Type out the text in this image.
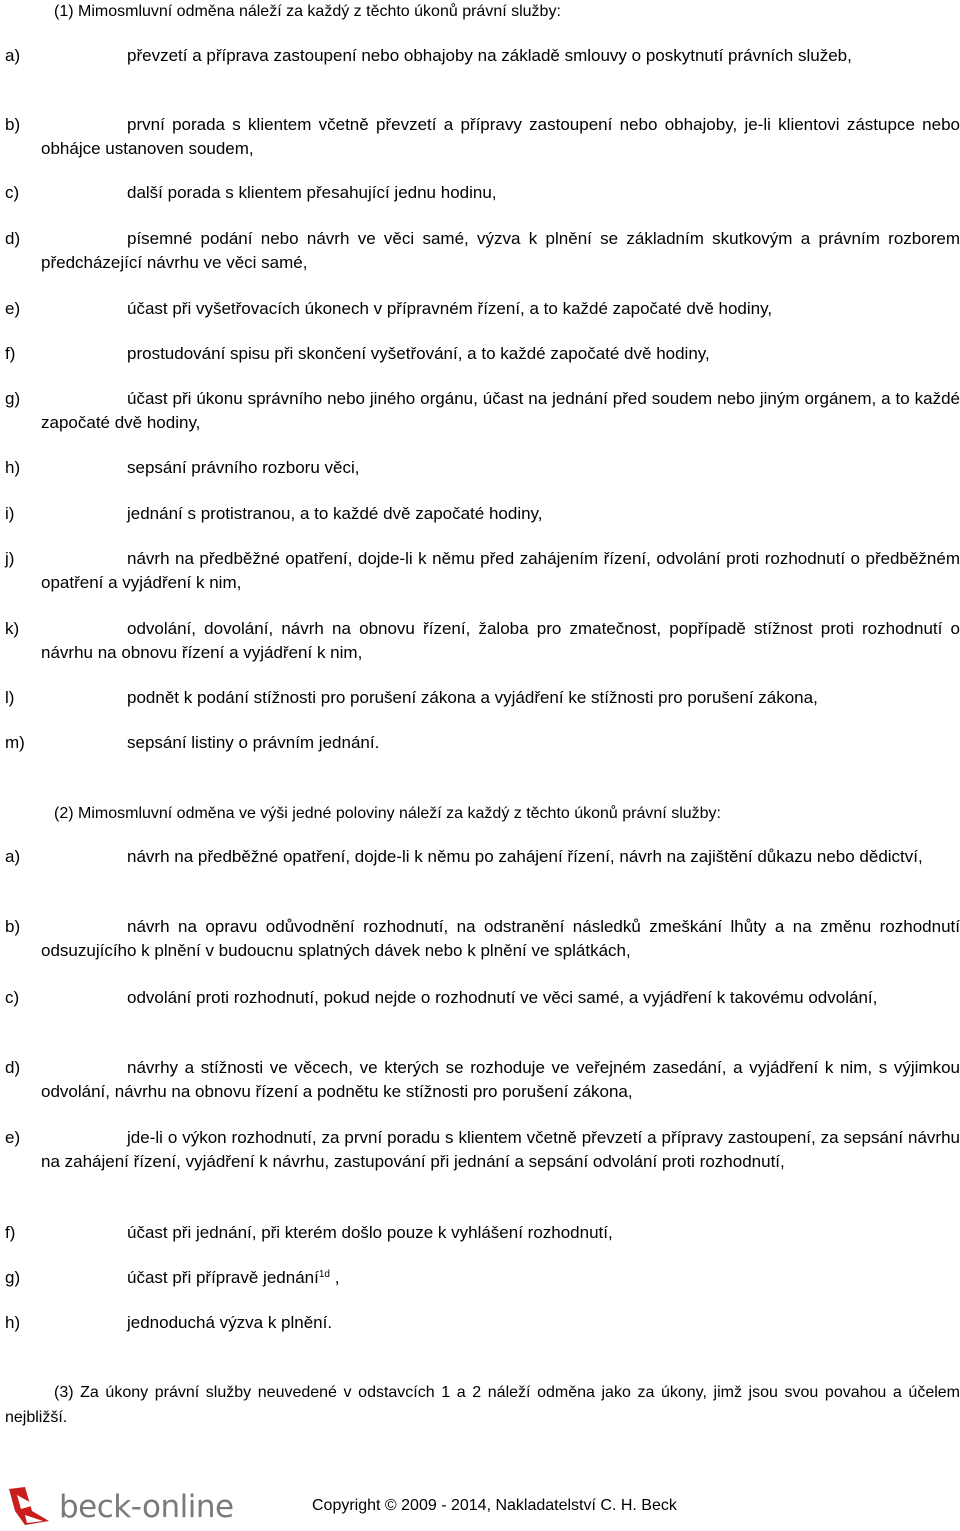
(1) Mimosmluvní odměna náleží za každý z těchto úkonů právní služby:
a)	převzetí a příprava zastoupení nebo obhajoby na základě smlouvy o poskytnutí právních služeb,
b)	první porada s klientem včetně převzetí a přípravy zastoupení nebo obhajoby, je-li klientovi zástupce nebo obhájce ustanoven soudem,
c)	další porada s klientem přesahující jednu hodinu,
d)	písemné podání nebo návrh ve věci samé, výzva k plnění se základním skutkovým a právním rozborem předcházející návrhu ve věci samé,
e)	účast při vyšetřovacích úkonech v přípravném řízení, a to každé započaté dvě hodiny,
f)	prostudování spisu při skončení vyšetřování, a to každé započaté dvě hodiny,
g)	účast při úkonu správního nebo jiného orgánu, účast na jednání před soudem nebo jiným orgánem, a to každé započaté dvě hodiny,
h)	sepsání právního rozboru věci,
i)	jednání s protistranou, a to každé dvě započaté hodiny,
j)	návrh na předběžné opatření, dojde-li k němu před zahájením řízení, odvolání proti rozhodnutí o předběžném opatření a vyjádření k nim,
k)	odvolání, dovolání, návrh na obnovu řízení, žaloba pro zmatečnost, popřípadě stížnost proti rozhodnutí o návrhu na obnovu řízení a vyjádření k nim,
l)	podnět k podání stížnosti pro porušení zákona a vyjádření ke stížnosti pro porušení zákona,
m)	sepsání listiny o právním jednání.
(2) Mimosmluvní odměna ve výši jedné poloviny náleží za každý z těchto úkonů právní služby:
a)	návrh na předběžné opatření, dojde-li k němu po zahájení řízení, návrh na zajištění důkazu nebo dědictví,
b)	návrh na opravu odůvodnění rozhodnutí, na odstranění následků zmeškání lhůty a na změnu rozhodnutí odsuzujícího k plnění v budoucnu splatných dávek nebo k plnění ve splátkách,
c)	odvolání proti rozhodnutí, pokud nejde o rozhodnutí ve věci samé, a vyjádření k takovému odvolání,
d)	návrhy a stížnosti ve věcech, ve kterých se rozhoduje ve veřejném zasedání, a vyjádření k nim, s výjimkou odvolání, návrhu na obnovu řízení a podnětu ke stížnosti pro porušení zákona,
e)	jde-li o výkon rozhodnutí, za první poradu s klientem včetně převzetí a přípravy zastoupení, za sepsání návrhu na zahájení řízení, vyjádření k návrhu, zastupování při jednání a sepsání odvolání proti rozhodnutí,
f)	účast při jednání, při kterém došlo pouze k vyhlášení rozhodnutí,
g)	účast při přípravě jednání$^{1d}$ ,
h)	jednoduchá výzva k plnění.
(3) Za úkony právní služby neuvedené v odstavcích 1 a 2 náleží odměna jako za úkony, jimž jsou svou povahou a účelem nejbližší.
beck-online	Copyright © 2009 - 2014, Nakladatelství C. H. Beck
